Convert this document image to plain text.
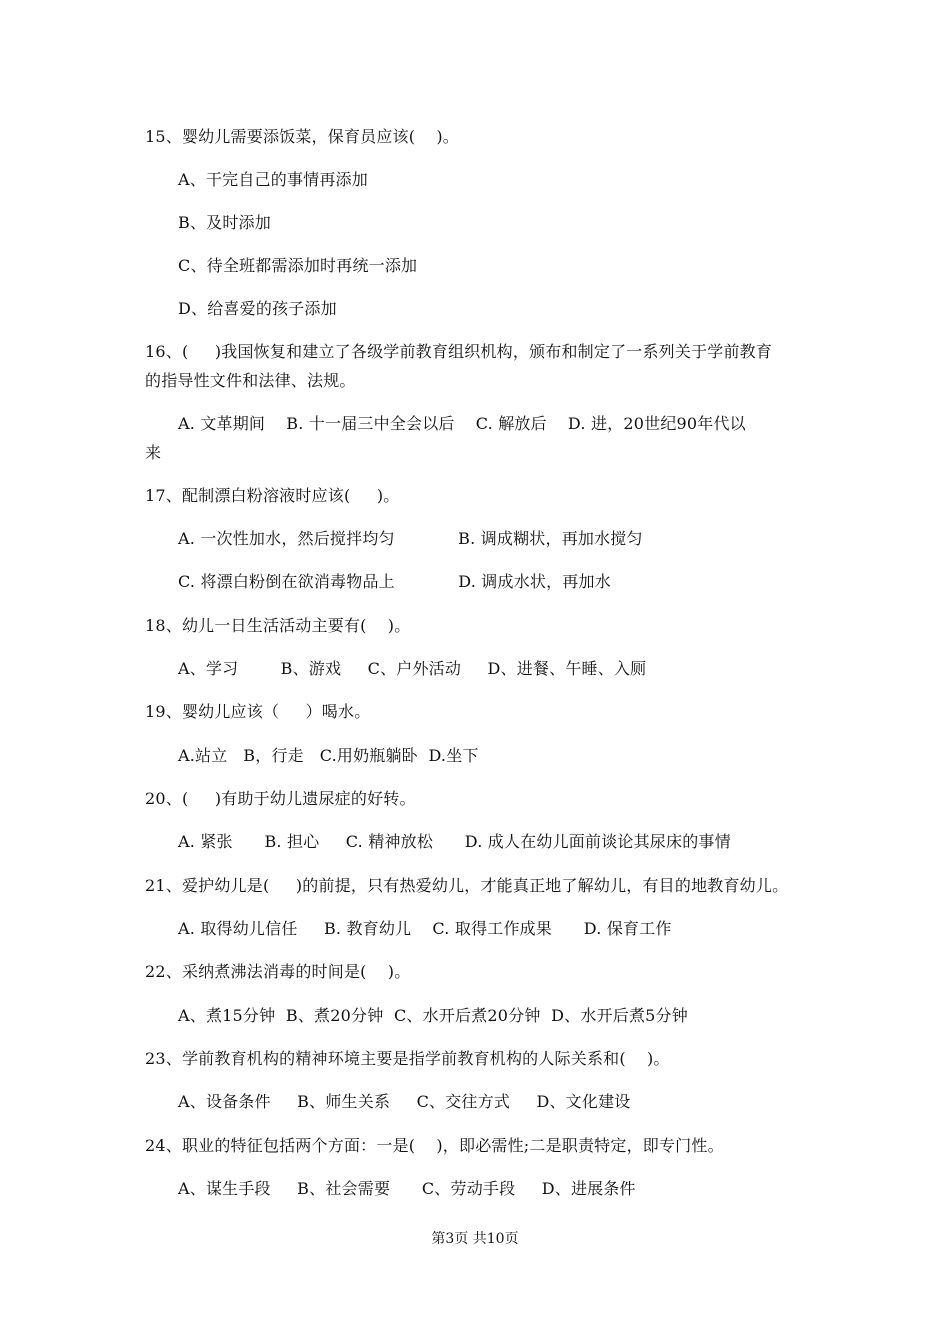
15、婴幼儿需要添饭菜，保育员应该(    )。
A、干完自己的事情再添加
B、及时添加
C、待全班都需添加时再统一添加
D、给喜爱的孩子添加
16、(     )我国恢复和建立了各级学前教育组织机构，颁布和制定了一系列关于学前教育
的指导性文件和法律、法规。
A. 文革期间    B. 十一届三中全会以后    C. 解放后    D. 进，20世纪90年代以
来
17、配制漂白粉溶液时应该(     )。
A. 一次性加水，然后搅拌均匀            B. 调成糊状，再加水搅匀
C. 将漂白粉倒在欲消毒物品上            D. 调成水状，再加水
18、幼儿一日生活活动主要有(    )。
A、学习        B、游戏     C、户外活动     D、进餐、午睡、入厕
19、婴幼儿应该（     ）喝水。
A.站立   B，行走   C.用奶瓶躺卧  D.坐下
20、(     )有助于幼儿遗尿症的好转。
A. 紧张      B. 担心     C. 精神放松      D. 成人在幼儿面前谈论其尿床的事情
21、爱护幼儿是(     )的前提，只有热爱幼儿，才能真正地了解幼儿，有目的地教育幼儿。
A. 取得幼儿信任     B. 教育幼儿    C. 取得工作成果      D. 保育工作
22、采纳煮沸法消毒的时间是(    )。
A、煮15分钟  B、煮20分钟  C、水开后煮20分钟  D、水开后煮5分钟
23、学前教育机构的精神环境主要是指学前教育机构的人际关系和(    )。
A、设备条件     B、师生关系     C、交往方式     D、文化建设
24、职业的特征包括两个方面：一是(    )，即必需性;二是职责特定，即专门性。
A、谋生手段     B、社会需要      C、劳动手段     D、进展条件
第3页 共10页
